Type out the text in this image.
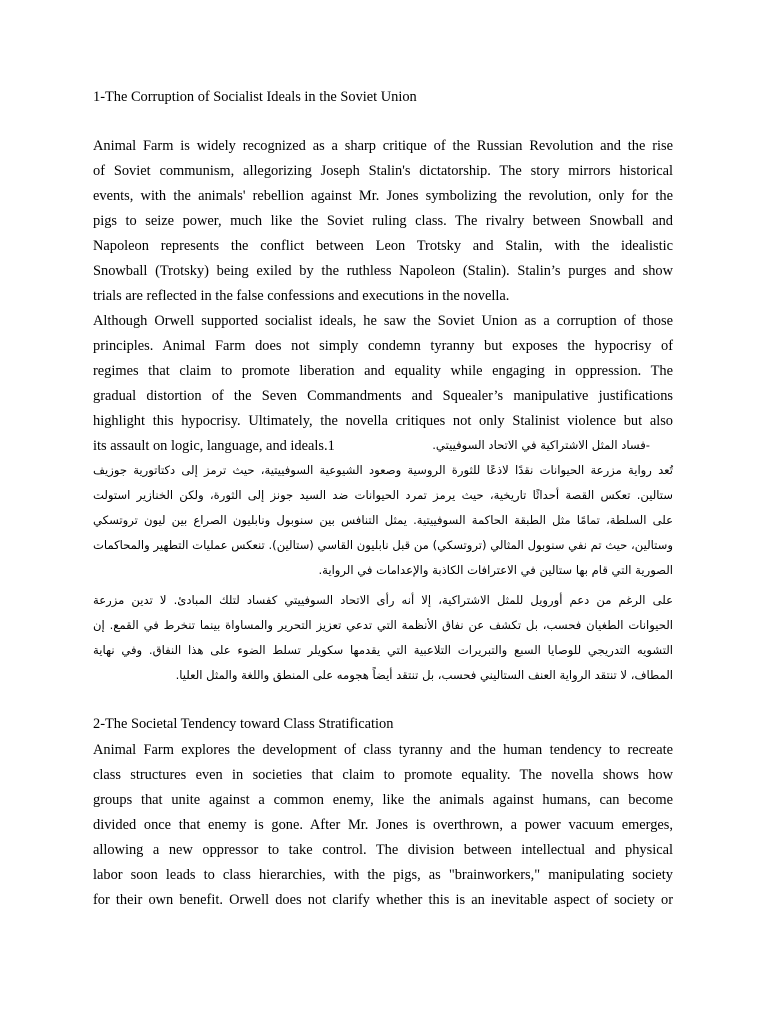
1-The Corruption of Socialist Ideals in the Soviet Union
Animal Farm is widely recognized as a sharp critique of the Russian Revolution and the rise
of Soviet communism, allegorizing Joseph Stalin's dictatorship. The story mirrors historical
events, with the animals' rebellion against Mr. Jones symbolizing the revolution, only for the
pigs to seize power, much like the Soviet ruling class. The rivalry between Snowball and
Napoleon represents the conflict between Leon Trotsky and Stalin, with the idealistic
Snowball (Trotsky) being exiled by the ruthless Napoleon (Stalin). Stalin’s purges and show
trials are reflected in the false confessions and executions in the novella.
Although Orwell supported socialist ideals, he saw the Soviet Union as a corruption of those
principles. Animal Farm does not simply condemn tyranny but exposes the hypocrisy of
regimes that claim to promote liberation and equality while engaging in oppression. The
gradual distortion of the Seven Commandments and Squealer’s manipulative justifications
highlight this hypocrisy. Ultimately, the novella critiques not only Stalinist violence but also
its assault on logic, language, and ideals.1	-فساد المثل الاشتراكية في الاتحاد السوفييتي.
تُعد رواية مزرعة الحيوانات نقدًا لاذعًا للثورة الروسية وصعود الشيوعية السوفييتية، حيث ترمز إلى دكتاتورية جوزيف
ستالين. تعكس القصة أحداثًا تاريخية، حيث يرمز تمرد الحيوانات ضد السيد جونز إلى الثورة، ولكن الخنازير استولت
على السلطة، تمامًا مثل الطبقة الحاكمة السوفييتية. يمثل التنافس بين سنوبول ونابليون الصراع بين ليون تروتسكي
وستالين، حيث تم نفي سنوبول المثالي (تروتسكي) من قبل نابليون القاسي (ستالين). تنعكس عمليات التطهير والمحاكمات
الصورية التي قام بها ستالين في الاعترافات الكاذبة والإعدامات في الرواية.
على الرغم من دعم أورويل للمثل الاشتراكية، إلا أنه رأى الاتحاد السوفييتي كفساد لتلك المبادئ. لا تدين مزرعة
الحيوانات الطغيان فحسب، بل تكشف عن نفاق الأنظمة التي تدعي تعزيز التحرير والمساواة بينما تنخرط في القمع. إن
التشويه التدريجي للوصايا السبع والتبريرات التلاعبية التي يقدمها سكويلر تسلط الضوء على هذا النفاق. وفي نهاية
المطاف، لا تنتقد الرواية العنف الستاليني فحسب، بل تنتقد أيضاً هجومه على المنطق واللغة والمثل العليا.
2-The Societal Tendency toward Class Stratification
Animal Farm explores the development of class tyranny and the human tendency to recreate
class structures even in societies that claim to promote equality. The novella shows how
groups that unite against a common enemy, like the animals against humans, can become
divided once that enemy is gone. After Mr. Jones is overthrown, a power vacuum emerges,
allowing a new oppressor to take control. The division between intellectual and physical
labor soon leads to class hierarchies, with the pigs, as "brainworkers," manipulating society
for their own benefit. Orwell does not clarify whether this is an inevitable aspect of society or
